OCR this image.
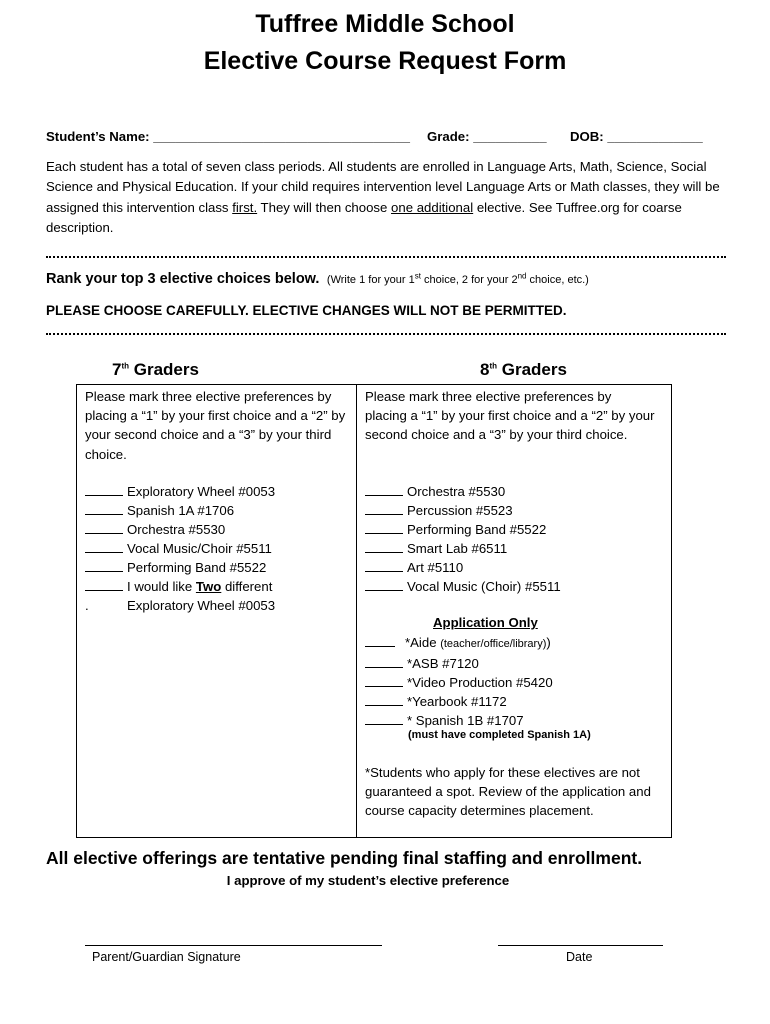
Tuffree Middle School
Elective Course Request Form
Student’s Name: ___________________________________ Grade: __________ DOB: _____________
Each student has a total of seven class periods. All students are enrolled in Language Arts, Math, Science, Social Science and Physical Education. If your child requires intervention level Language Arts or Math classes, they will be assigned this intervention class first. They will then choose one additional elective. See Tuffree.org for coarse description.
Rank your top 3 elective choices below. (Write 1 for your 1st choice, 2 for your 2nd choice, etc.)
PLEASE CHOOSE CAREFULLY. ELECTIVE CHANGES WILL NOT BE PERMITTED.
7th Graders	8th Graders
Please mark three elective preferences by placing a “1” by your first choice and a “2” by your second choice and a “3” by your third choice.
Exploratory Wheel #0053
Spanish 1A #1706
Orchestra #5530
Vocal Music/Choir #5511
Performing Band #5522
I would like Two different
.	Exploratory Wheel #0053
Please mark three elective preferences by placing a “1” by your first choice and a “2” by your second choice and a “3” by your third choice.
Orchestra #5530
Percussion #5523
Performing Band #5522
Smart Lab #6511
Art #5110
Vocal Music (Choir) #5511
Application Only
*Aide (teacher/office/library))
*ASB #7120
*Video Production #5420
*Yearbook #1172
* Spanish 1B #1707
(must have completed Spanish 1A)
*Students who apply for these electives are not guaranteed a spot. Review of the application and course capacity determines placement.
All elective offerings are tentative pending final staffing and enrollment.
I approve of my student’s elective preference
Parent/Guardian Signature	Date
